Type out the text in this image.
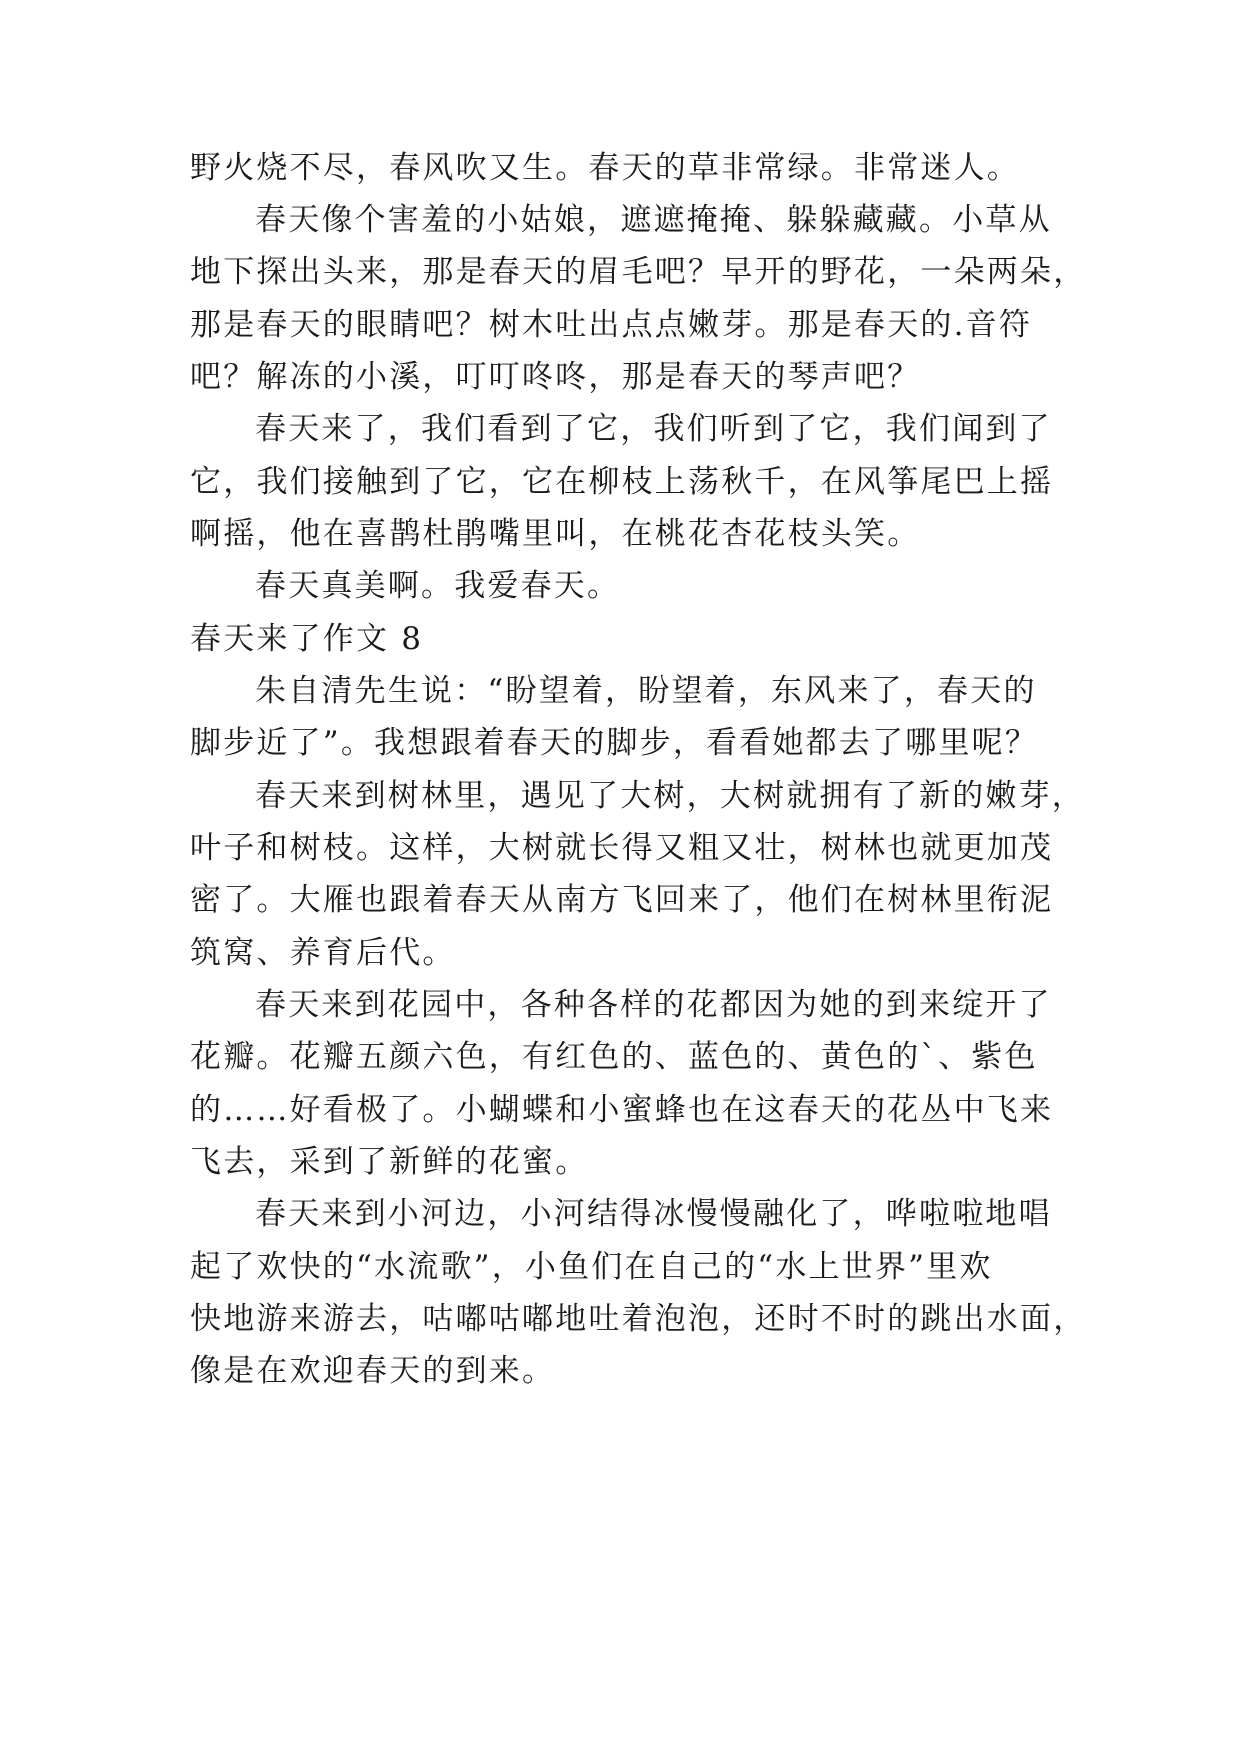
野火烧不尽，春风吹又生。春天的草非常绿。非常迷人。
春天像个害羞的小姑娘，遮遮掩掩、躲躲藏藏。小草从
地下探出头来，那是春天的眉毛吧？早开的野花，一朵两朵，
那是春天的眼睛吧？树木吐出点点嫩芽。那是春天的.音符
吧？解冻的小溪，叮叮咚咚，那是春天的琴声吧？
春天来了，我们看到了它，我们听到了它，我们闻到了
它，我们接触到了它，它在柳枝上荡秋千，在风筝尾巴上摇
啊摇，他在喜鹊杜鹃嘴里叫，在桃花杏花枝头笑。
春天真美啊。我爱春天。
春天来了作文 8
朱自清先生说：“盼望着，盼望着，东风来了，春天的
脚步近了”。我想跟着春天的脚步，看看她都去了哪里呢？
春天来到树林里，遇见了大树，大树就拥有了新的嫩芽，
叶子和树枝。这样，大树就长得又粗又壮，树林也就更加茂
密了。大雁也跟着春天从南方飞回来了，他们在树林里衔泥
筑窝、养育后代。
春天来到花园中，各种各样的花都因为她的到来绽开了
花瓣。花瓣五颜六色，有红色的、蓝色的、黄色的`、紫色
的……好看极了。小蝴蝶和小蜜蜂也在这春天的花丛中飞来
飞去，采到了新鲜的花蜜。
春天来到小河边，小河结得冰慢慢融化了，哗啦啦地唱
起了欢快的“水流歌”，小鱼们在自己的“水上世界”里欢
快地游来游去，咕嘟咕嘟地吐着泡泡，还时不时的跳出水面，
像是在欢迎春天的到来。
